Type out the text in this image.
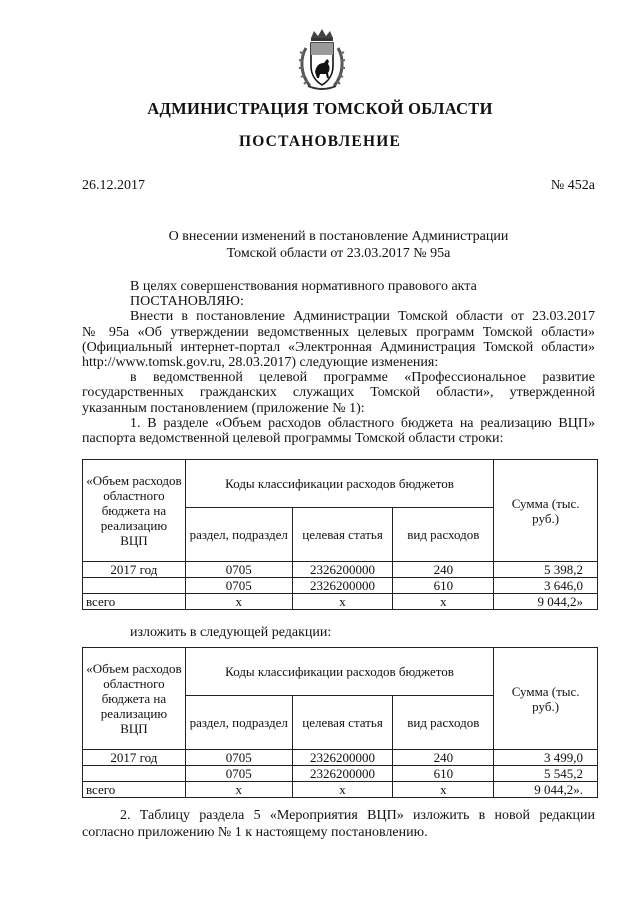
АДМИНИСТРАЦИЯ ТОМСКОЙ ОБЛАСТИ
ПОСТАНОВЛЕНИЕ
26.12.2017	№ 452а
О внесении изменений в постановление Администрации
Томской области от 23.03.2017 № 95а

В целях совершенствования нормативного правового акта

ПОСТАНОВЛЯЮ:

Внести в постановление Администрации Томской области от 23.03.2017

№ 95а «Об утверждении ведомственных целевых программ Томской области» (Официальный интернет-портал «Электронная Администрация Томской области» http://www.tomsk.gov.ru, 28.03.2017) следующие изменения:

в ведомственной целевой программе «Профессиональное развитие

государственных гражданских служащих Томской области», утвержденной указанным постановлением (приложение № 1):

1. В разделе «Объем расходов областного бюджета на реализацию ВЦП»

паспорта ведомственной целевой программы Томской области строки:

«Объем расходов областного бюджета на реализацию ВЦП	Коды классификации расходов бюджетов			Сумма (тыс. руб.)
	раздел, подраздел	целевая статья	вид расходов	
2017 год	0705	2326200000	240	5 398,2
	0705	2326200000	610	3 646,0
всего	х	х	х	9 044,2»
изложить в следующей редакции:
«Объем расходов областного бюджета на реализацию ВЦП	Коды классификации расходов бюджетов			Сумма (тыс. руб.)
	раздел, подраздел	целевая статья	вид расходов	
2017 год	0705	2326200000	240	3 499,0
	0705	2326200000	610	5 545,2
всего	х	х	х	9 044,2».

2. Таблицу раздела 5 «Мероприятия ВЦП» изложить в новой редакции согласно приложению № 1 к настоящему постановлению.
